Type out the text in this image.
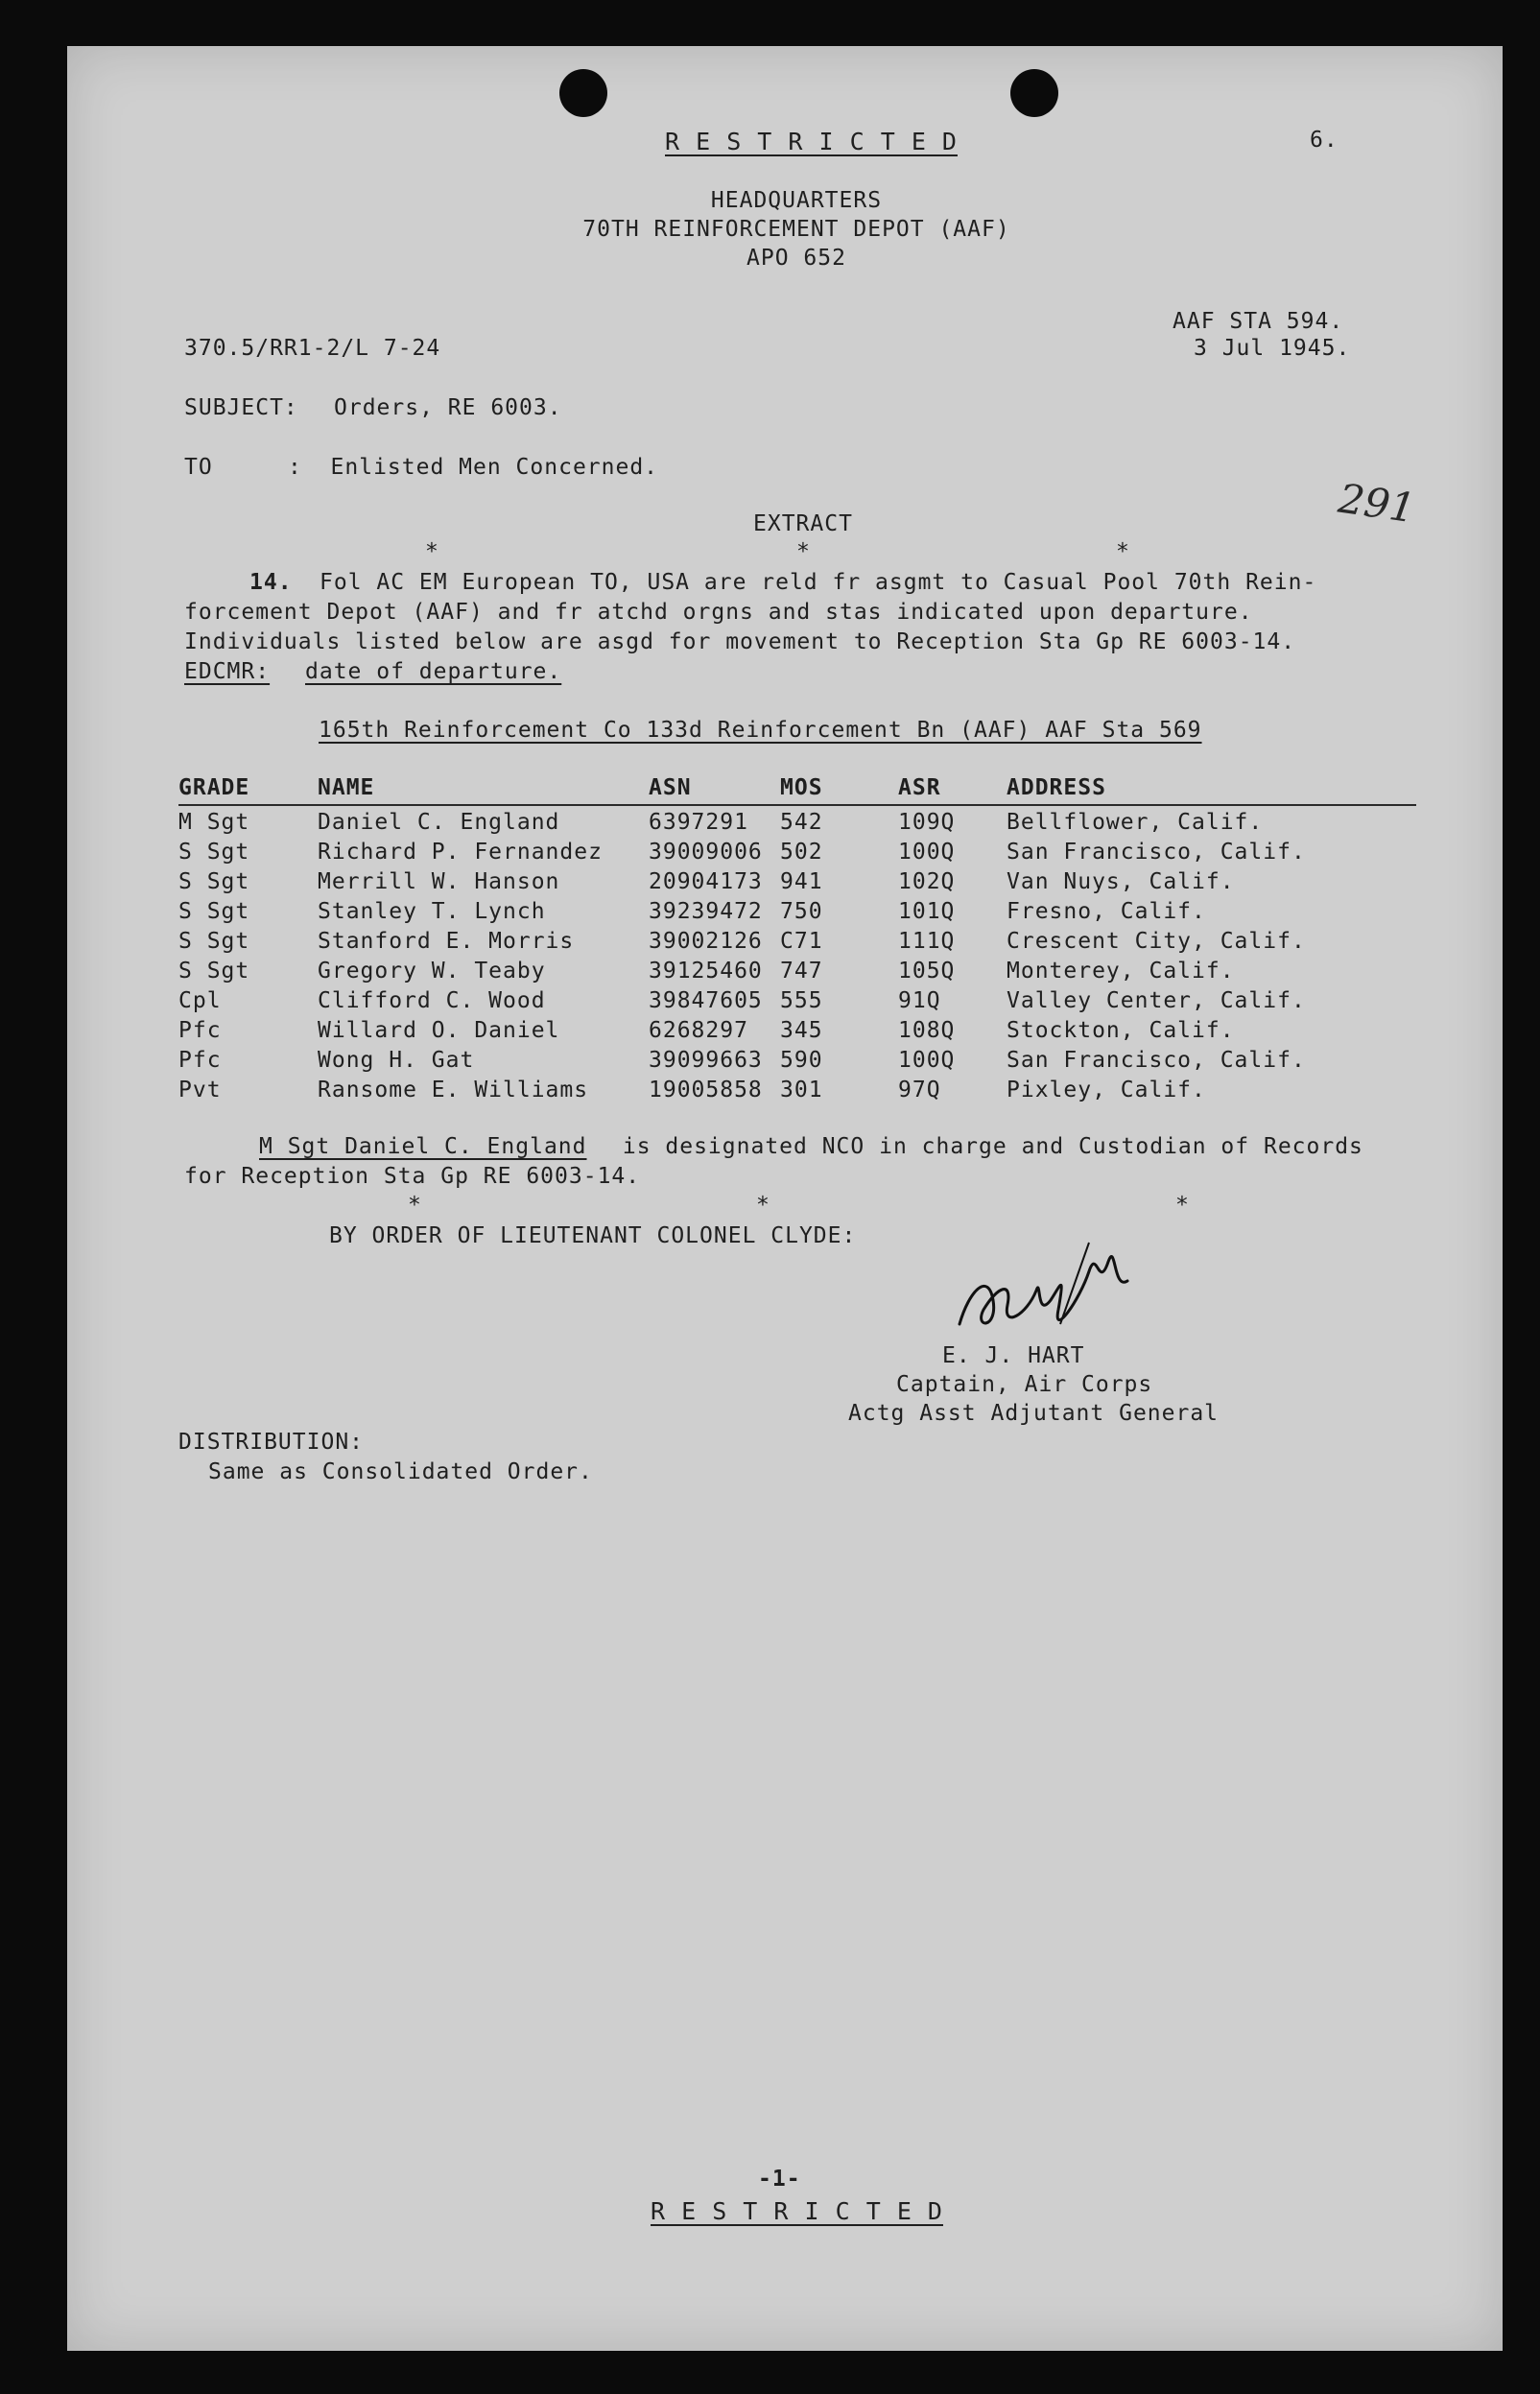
R E S T R I C T E D	6.
HEADQUARTERS
70TH REINFORCEMENT DEPOT (AAF)
APO 652
AAF STA 594.
370.5/RR1-2/L 7-24	3 Jul 1945.
SUBJECT: Orders, RE 6003.
TO	:  Enlisted Men Concerned.
291
EXTRACT
*	*	*
14. Fol AC EM European TO, USA are reld fr asgmt to Casual Pool 70th Rein-
forcement Depot (AAF) and fr atchd orgns and stas indicated upon departure.
Individuals listed below are asgd for movement to Reception Sta Gp RE 6003-14.
EDCMR: date of departure.
165th Reinforcement Co 133d Reinforcement Bn (AAF) AAF Sta 569
GRADE	NAME	ASN	MOS	ASR	ADDRESS
M Sgt	Daniel C. England	6397291 542	109Q Bellflower, Calif.
S Sgt	Richard P. Fernandez 39009006 502	100Q San Francisco, Calif.
S Sgt	Merrill W. Hanson	20904173 941	102Q Van Nuys, Calif.
S Sgt	Stanley T. Lynch	39239472 750	101Q Fresno, Calif.
S Sgt	Stanford E. Morris	39002126 C71	111Q Crescent City, Calif.
S Sgt	Gregory W. Teaby	39125460 747	105Q Monterey, Calif.
Cpl	Clifford C. Wood	39847605 555	91Q	Valley Center, Calif.
Pfc	Willard O. Daniel	6268297 345	108Q Stockton, Calif.
Pfc	Wong H. Gat	39099663 590	100Q San Francisco, Calif.
Pvt	Ransome E. Williams	19005858 301	97Q	Pixley, Calif.
M Sgt Daniel C. England is designated NCO in charge and Custodian of Records
for Reception Sta Gp RE 6003-14.
*	*	*
BY ORDER OF LIEUTENANT COLONEL CLYDE:
E. J. HART
Captain, Air Corps
Actg Asst Adjutant General
DISTRIBUTION:
Same as Consolidated Order.
-1-
R E S T R I C T E D
